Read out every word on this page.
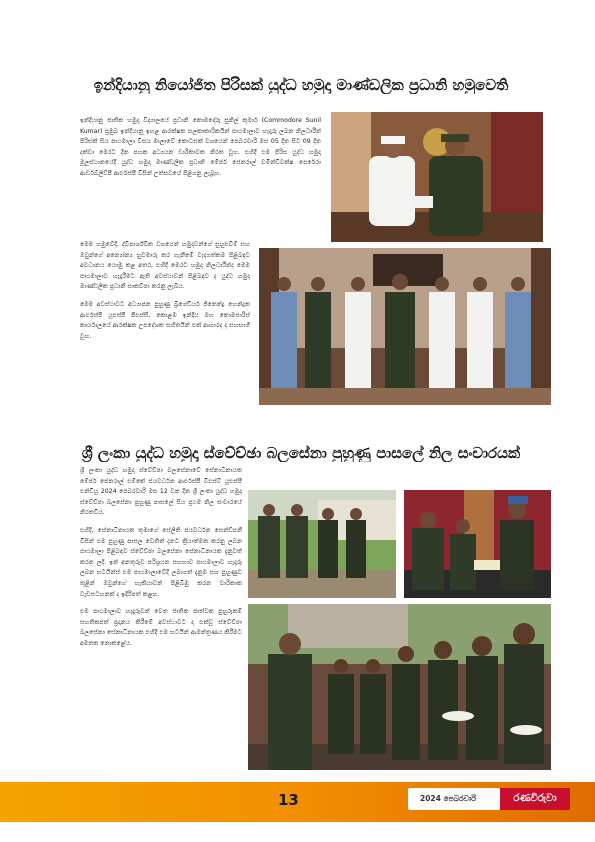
ඉන්දියානු නියෝජිත පිරිසක් යුද්ධ හමුදා මාණ්ඩලික ප්‍රධානි හමුවෙති

ඉන්දියානු ජාතික හමුදා විද්‍යාලයේ ප්‍රධානි කොමදෝරු සුනිල් කුමාර් (Commodore Sunil Kumar) ප්‍රමුඛ ඉන්දියානු ඉහළ ආරක්ෂක සලකාකාරිකයින් පාඨමාලාව හැදෑරු ලබන නිලධාරීන් පිරිසක් සිය පාඨමාලා විසය මාලාවේ කොටසක් වශයෙන් පෙබරවාරි මස 05 දින සිට 09 දින දක්වා මෙරට දින පහක අධ්‍යයන චාරිකාවක නිරත වූහ. එහිදී එම පිරිස යුද්ධ හමුදා මූලස්ථානයේදී යුද්ධ හමුදා මාණ්ඩලික ප්‍රධානි මේජර් ජෙනරාල් චමින්ඩිවක්ෂ පෙරේරා ආර්ඩබ්ලිව්පී ආර්එස්පී විසින් උත්සවයේ පිළිගනු ලැබූහ.

මෙම හමුවේදී, ද්විපාර්ශ්වික වශයෙන් හමුදාවන්ගේ සුහුළුවීම් සහ ඔවුන්ගේ අන්‍යෝන්‍ය හුවමාරු කර ගැනීමේ වැදගත්කම පිළිබඳව අවධානය යොමු කළ අතර, එහිදී මෙරට හමුදා නිලධාරීන්ද මෙම පාඨමාලාව හැදෑරීමට ඇති අවස්ථාවන් පිළිබඳව ද යුද්ධ හමුදා මාණ්ඩලික ප්‍රධානි සාකච්ඡා කරනු ලැබීය.

මෙම අවස්ථාවට අධ්‍යාපන පුහුණු බ්‍රිගේඩියර් ජිනෙන්ද්‍ර හෙන්ද්‍රක ආර්එස්පී යූඑස්පී පීඑස්සී, කොළඹ ඉන්දීය මහ කොමසාරිස් කාර්යාලයේ ආරක්ෂක උපදේශක සහිතයින් එක් ආහාරද ද සහභාගී වූහ.

ශ්‍රී ලංකා යුද්ධ හමුදා ස්වේච්ඡා බලසේනා පුහුණු පාසලේ නිල සංචාරයක්

ශ්‍රී ලංකා යුද්ධ හමුදා ස්වේච්ඡා බලසේනාවේ සේනාධිනායක මේජර් ජෙනරාල් එම්කේ ජයවර්ධන ආර්එස්පී විඑස්වී යූඑස්පී එන්ඩියූ 2024 පෙබරවාරි මස 12 වන දින ශ්‍රී ලංකා යුද්ධ හමුදා ස්වේච්ඡා බලසේනා පුහුණු පාසලේ සිය ප්‍රථම නිල සංචාරයේ නිරතවිය.

එහිදී, සේනාධිනායක තුමාගේ සේලිති ජයවර්ධන සෙන්ඩ්පනී විසින් එම පුහුණු පාසල වෙතින් දැනට ක්‍රියාත්මක කරනු ලබන පාඨමාලා පිළිබඳව ස්වේච්ඡා බලසේනා සේනාධිනායක දැනුවත් කරන ලදී. ඉන් අනතුරුව පරිශ්‍රයන සහභාව පාඨමාලාව හැදෑරූ ලබන භටයින්ස් එම පාඨමාලාවේදී ලබාගත් දැනුම සහ පුහුණුව තුළින් ඔවුන්ගේ හැකියාවන් පිළිබිඹු කරන චාරිකාක වැඩසටහනක් ද ඉදිරිපත් කළහ.

එම පාඨමාලාව හැදෑරූවන් වෙත ජාතික ජාත්වක පුහුරුකම් සහතිකපත් ප්‍රදානය කිරීමේ අවස්ථාවට ද එක්වූ ස්වේච්ඡා බලසේනා සේනාධිනායක එහිදී එම භටයින් ආමන්ත්‍රණය කිරීමට අමතක නොකළේය.

13	2024 පෙබරවාරි	රණවිරුවා
